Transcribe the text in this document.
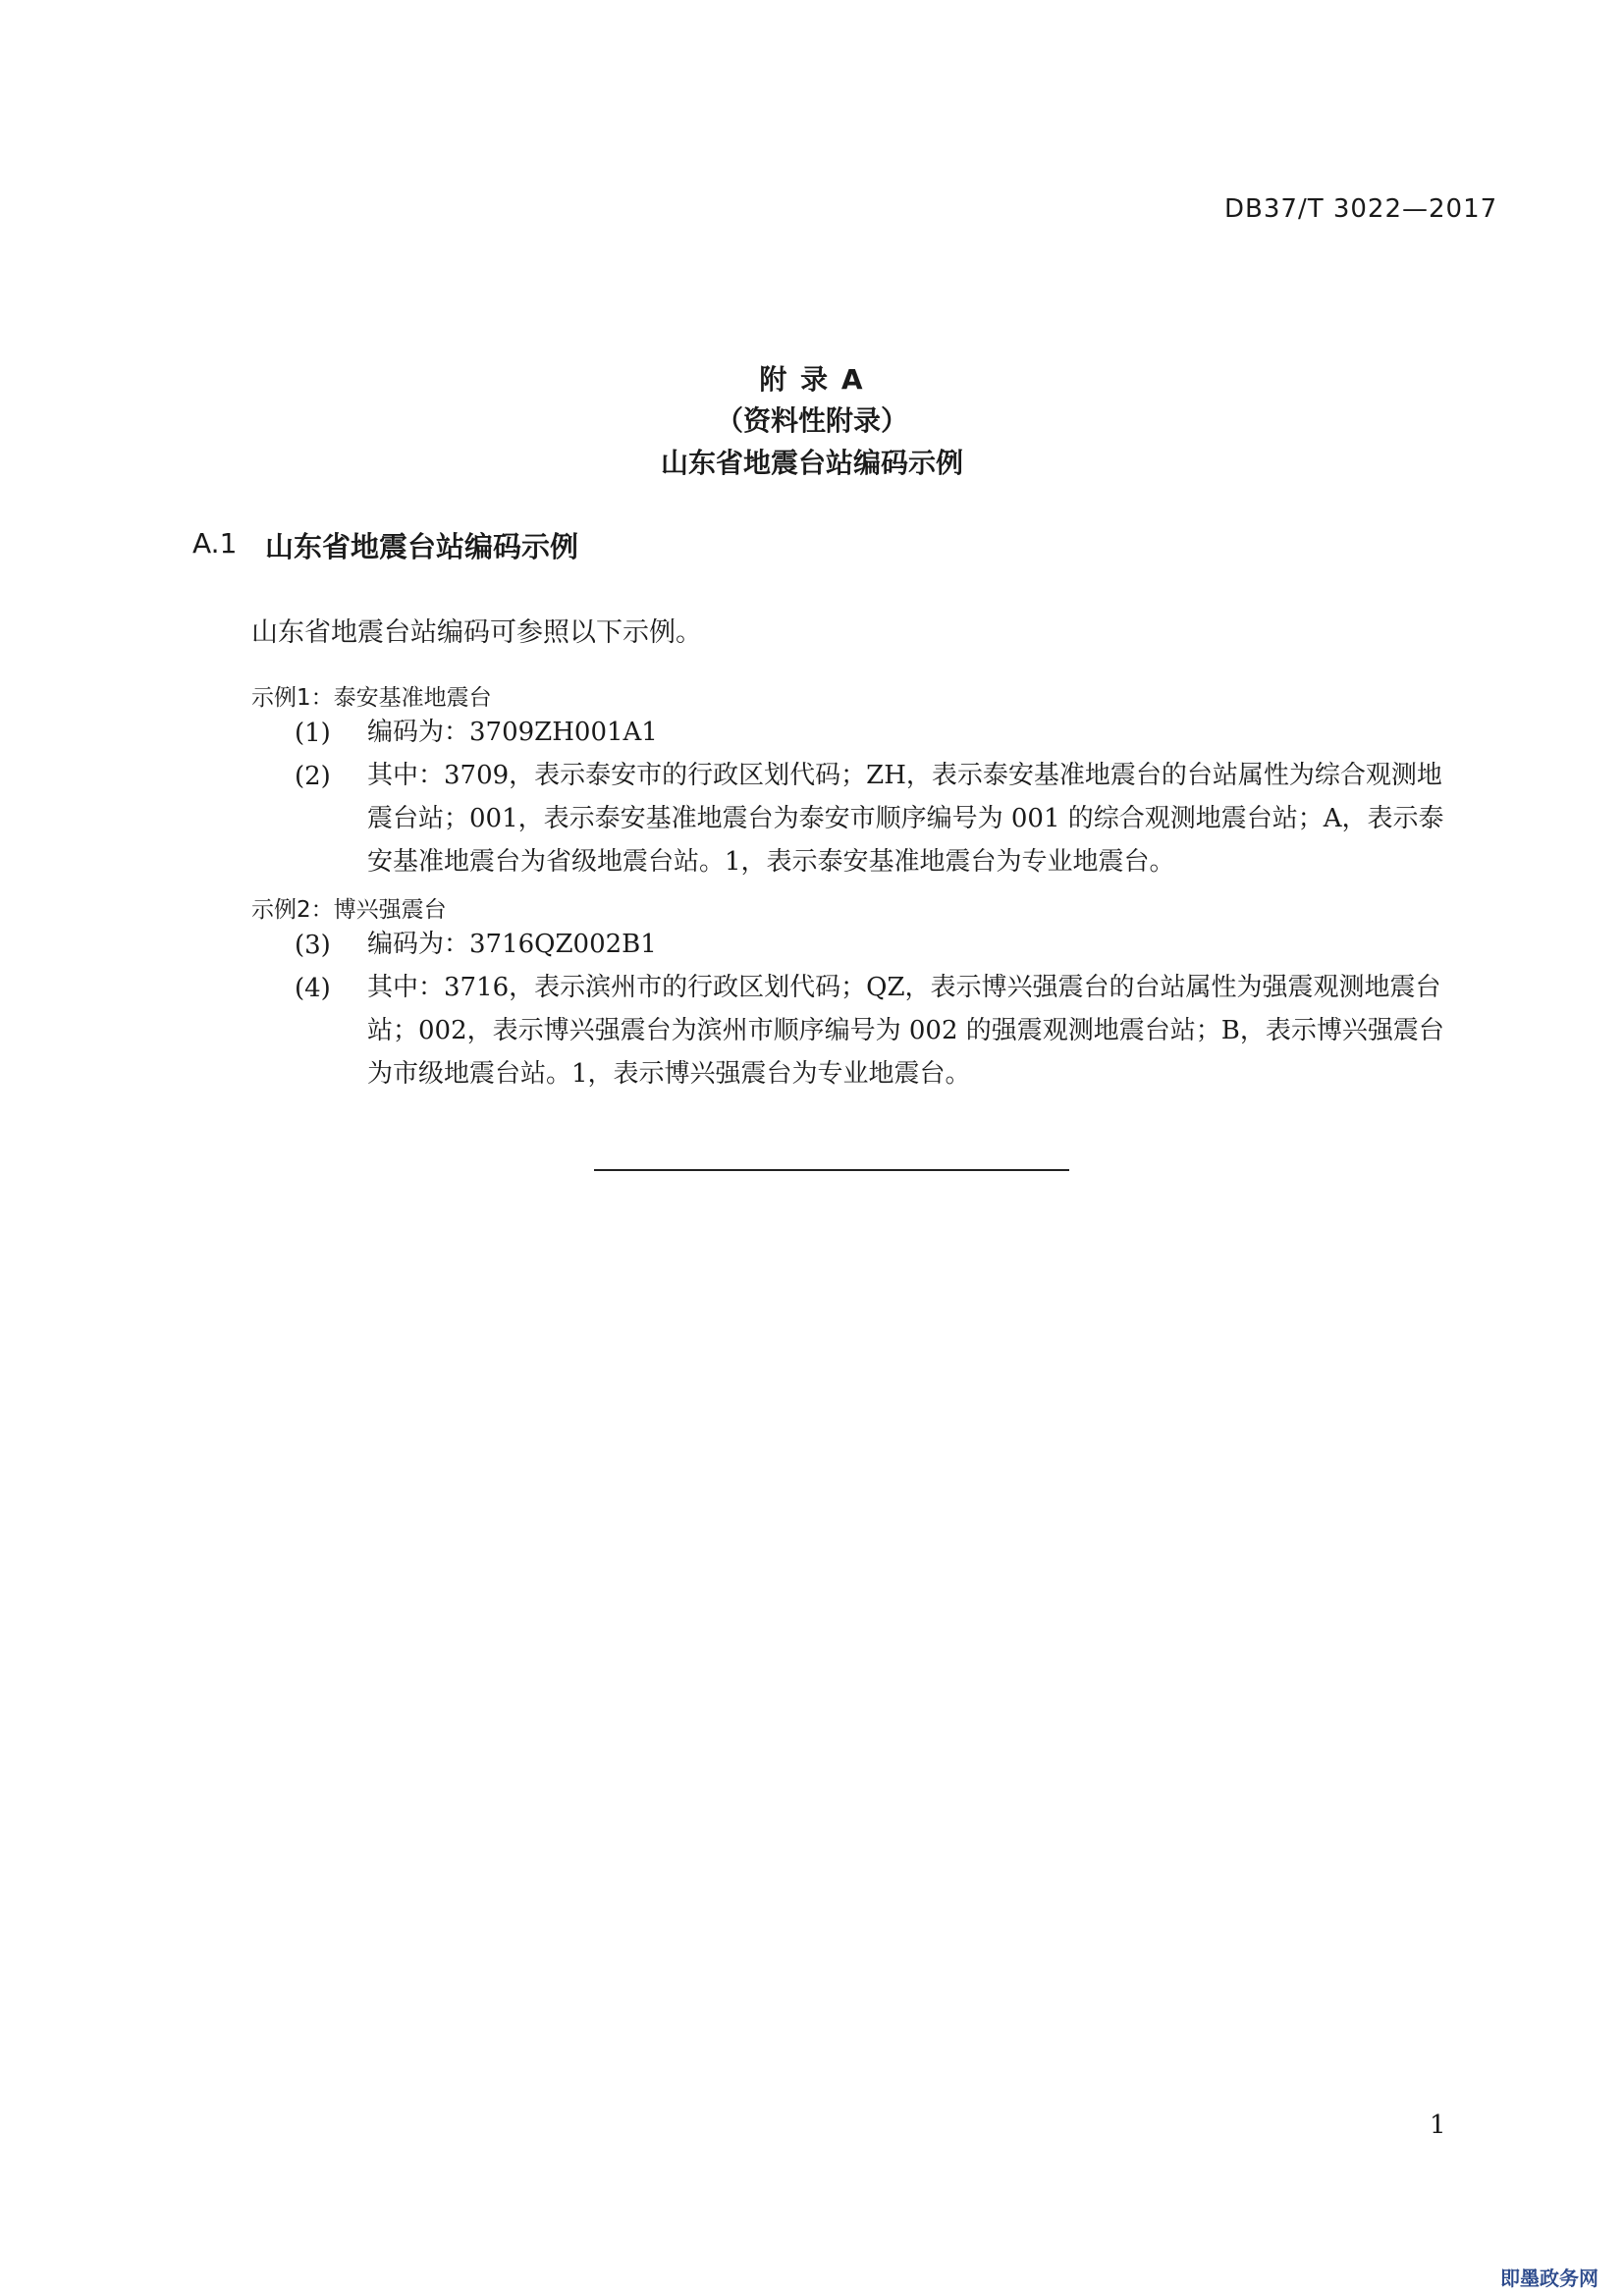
DB37/T 3022—2017
附 录 A
（资料性附录）
山东省地震台站编码示例
A.1 山东省地震台站编码示例
山东省地震台站编码可参照以下示例。
示例1：泰安基准地震台
(1) 编码为：3709ZH001A1
(2) 其中：3709，表示泰安市的行政区划代码；ZH，表示泰安基准地震台的台站属性为综合观测地震台站；001，表示泰安基准地震台为泰安市顺序编号为 001 的综合观测地震台站；A，表示泰安基准地震台为省级地震台站。1，表示泰安基准地震台为专业地震台。
示例2：博兴强震台
(3) 编码为：3716QZ002B1
(4) 其中：3716，表示滨州市的行政区划代码；QZ，表示博兴强震台的台站属性为强震观测地震台站；002，表示博兴强震台为滨州市顺序编号为 002 的强震观测地震台站；B，表示博兴强震台为市级地震台站。1，表示博兴强震台为专业地震台。
1
即墨政务网
